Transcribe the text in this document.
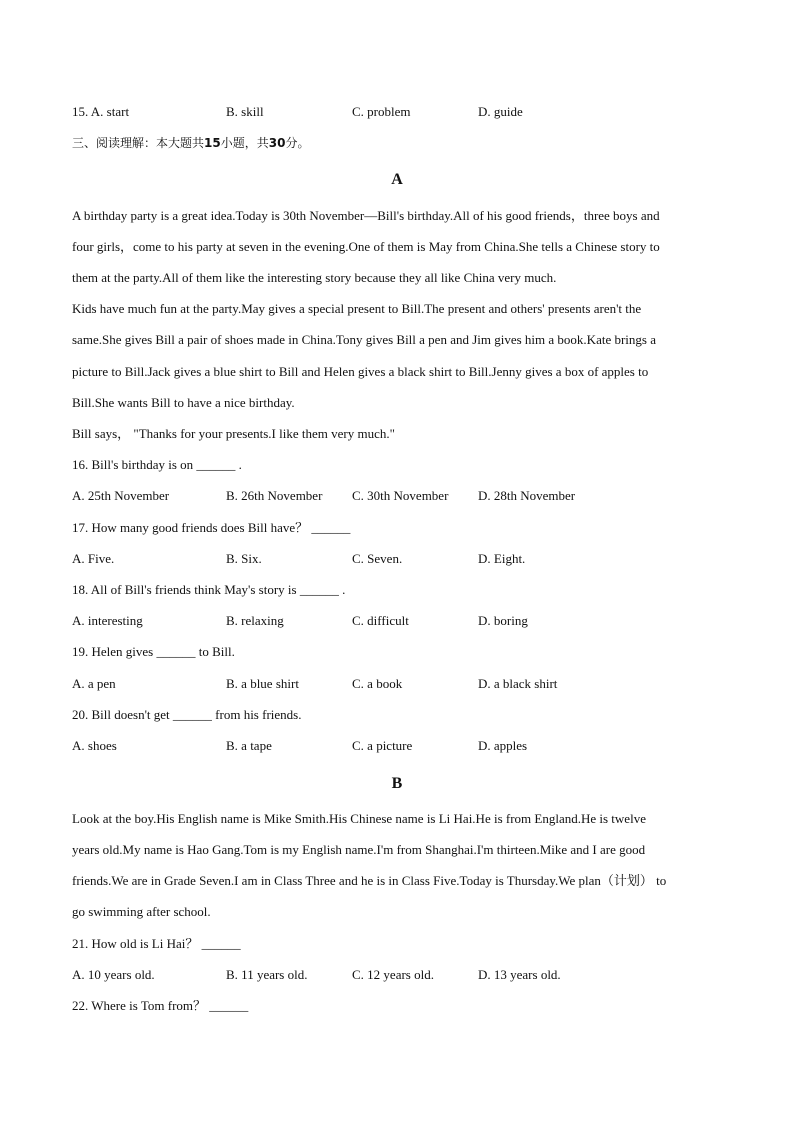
15. A. start	B. skill	C. problem	D. guide
三、阅读理解：本大题共15小题，共30分。
A
A birthday party is a great idea.Today is 30th November—Bill's birthday.All of his good friends，three boys and
four girls，come to his party at seven in the evening.One of them is May from China.She tells a Chinese story to
them at the party.All of them like the interesting story because they all like China very much.
Kids have much fun at the party.May gives a special present to Bill.The present and others' presents aren't the
same.She gives Bill a pair of shoes made in China.Tony gives Bill a pen and Jim gives him a book.Kate brings a
picture to Bill.Jack gives a blue shirt to Bill and Helen gives a black shirt to Bill.Jenny gives a box of apples to
Bill.She wants Bill to have a nice birthday.
Bill says， "Thanks for your presents.I like them very much."
16. Bill's birthday is on ______ .
A. 25th November	B. 26th November C. 30th November D. 28th November
17. How many good friends does Bill have？ ______
A. Five.	B. Six.	C. Seven.	D. Eight.
18. All of Bill's friends think May's story is ______ .
A. interesting	B. relaxing	C. difficult	D. boring
19. Helen gives ______ to Bill.
A. a pen	B. a blue shirt	C. a book	D. a black shirt
20. Bill doesn't get ______ from his friends.
A. shoes	B. a tape	C. a picture	D. apples
B
Look at the boy.His English name is Mike Smith.His Chinese name is Li Hai.He is from England.He is twelve
years old.My name is Hao Gang.Tom is my English name.I'm from Shanghai.I'm thirteen.Mike and I are good
friends.We are in Grade Seven.I am in Class Three and he is in Class Five.Today is Thursday.We plan（计划） to
go swimming after school.
21. How old is Li Hai？ ______
A. 10 years old.	B. 11 years old.	C. 12 years old.	D. 13 years old.
22. Where is Tom from？ ______
